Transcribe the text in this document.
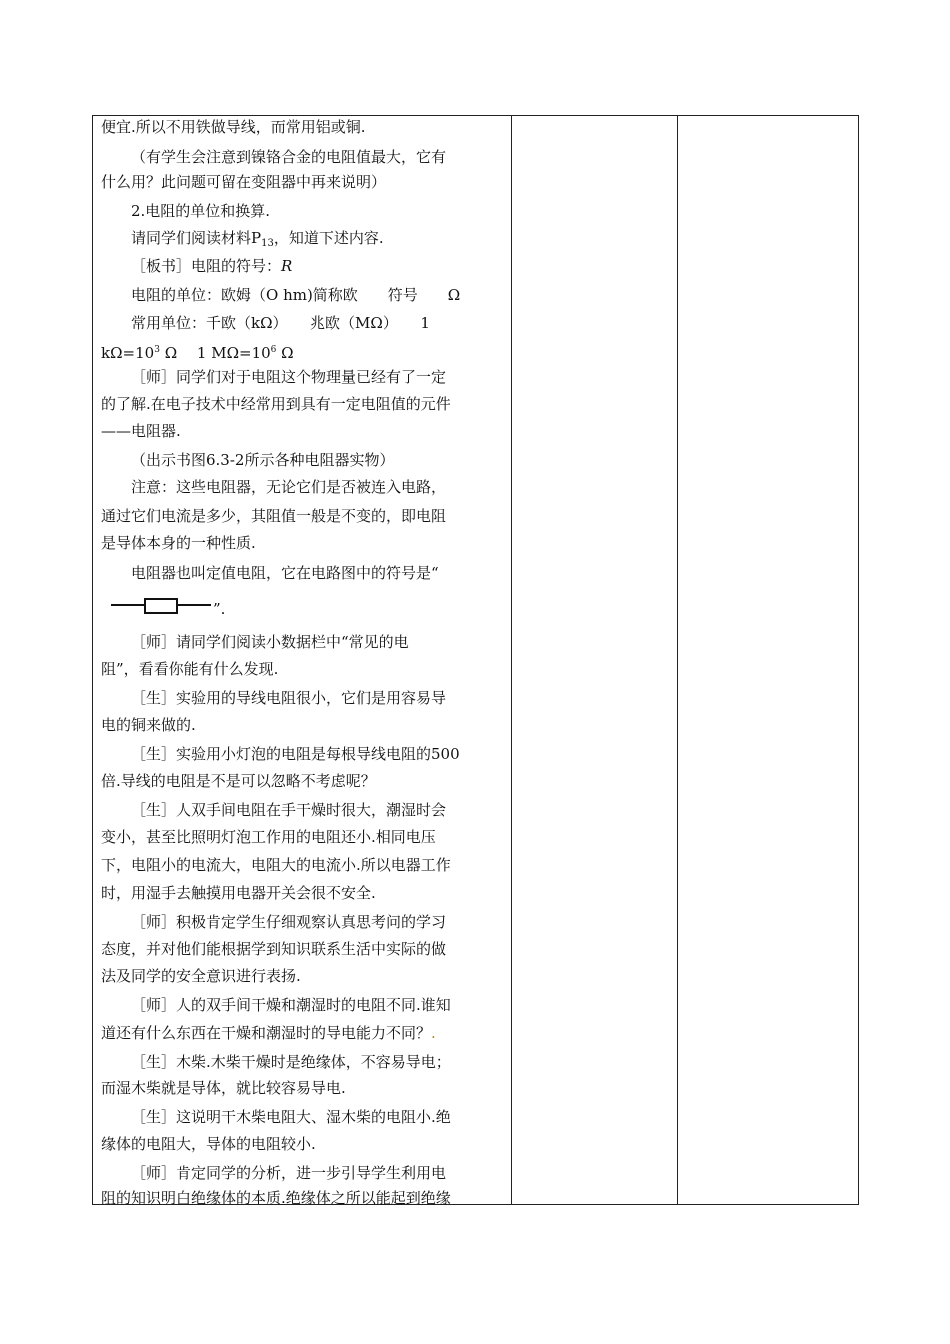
便宜.所以不用铁做导线，而常用铝或铜.
（有学生会注意到镍铬合金的电阻值最大，它有
什么用？此问题可留在变阻器中再来说明）
2.电阻的单位和换算.
请同学们阅读材料$P_{13}$，知道下述内容.
［板书］电阻的符号：R
电阻的单位：欧姆（O hm)简称欧　　符号　　Ω
常用单位：千欧（kΩ）　　兆欧（MΩ）　　1
$k\Omega=10^3$ Ω　 1 $M\Omega=10^6$ Ω
［师］同学们对于电阻这个物理量已经有了一定
的了解.在电子技术中经常用到具有一定电阻值的元件
——电阻器.
（出示书图6.3-2所示各种电阻器实物）
注意：这些电阻器，无论它们是否被连入电路，
通过它们电流是多少，其阻值一般是不变的，即电阻
是导体本身的一种性质.
电阻器也叫定值电阻，它在电路图中的符号是“
”.
［师］请同学们阅读小数据栏中“常见的电
阻”，看看你能有什么发现.
［生］实验用的导线电阻很小，它们是用容易导
电的铜来做的.
［生］实验用小灯泡的电阻是每根导线电阻的500
倍.导线的电阻是不是可以忽略不考虑呢？
［生］人双手间电阻在手干燥时很大，潮湿时会
变小，甚至比照明灯泡工作用的电阻还小.相同电压
下，电阻小的电流大，电阻大的电流小.所以电器工作
时，用湿手去触摸用电器开关会很不安全.
［师］积极肯定学生仔细观察认真思考问的学习
态度，并对他们能根据学到知识联系生活中实际的做
法及同学的安全意识进行表扬.
［师］人的双手间干燥和潮湿时的电阻不同.谁知
道还有什么东西在干燥和潮湿时的导电能力不同？.
［生］木柴.木柴干燥时是绝缘体，不容易导电；
而湿木柴就是导体，就比较容易导电.
［生］这说明干木柴电阻大、湿木柴的电阻小.绝
缘体的电阻大，导体的电阻较小.
［师］肯定同学的分析，进一步引导学生利用电
阻的知识明白绝缘体的本质.绝缘体之所以能起到绝缘
